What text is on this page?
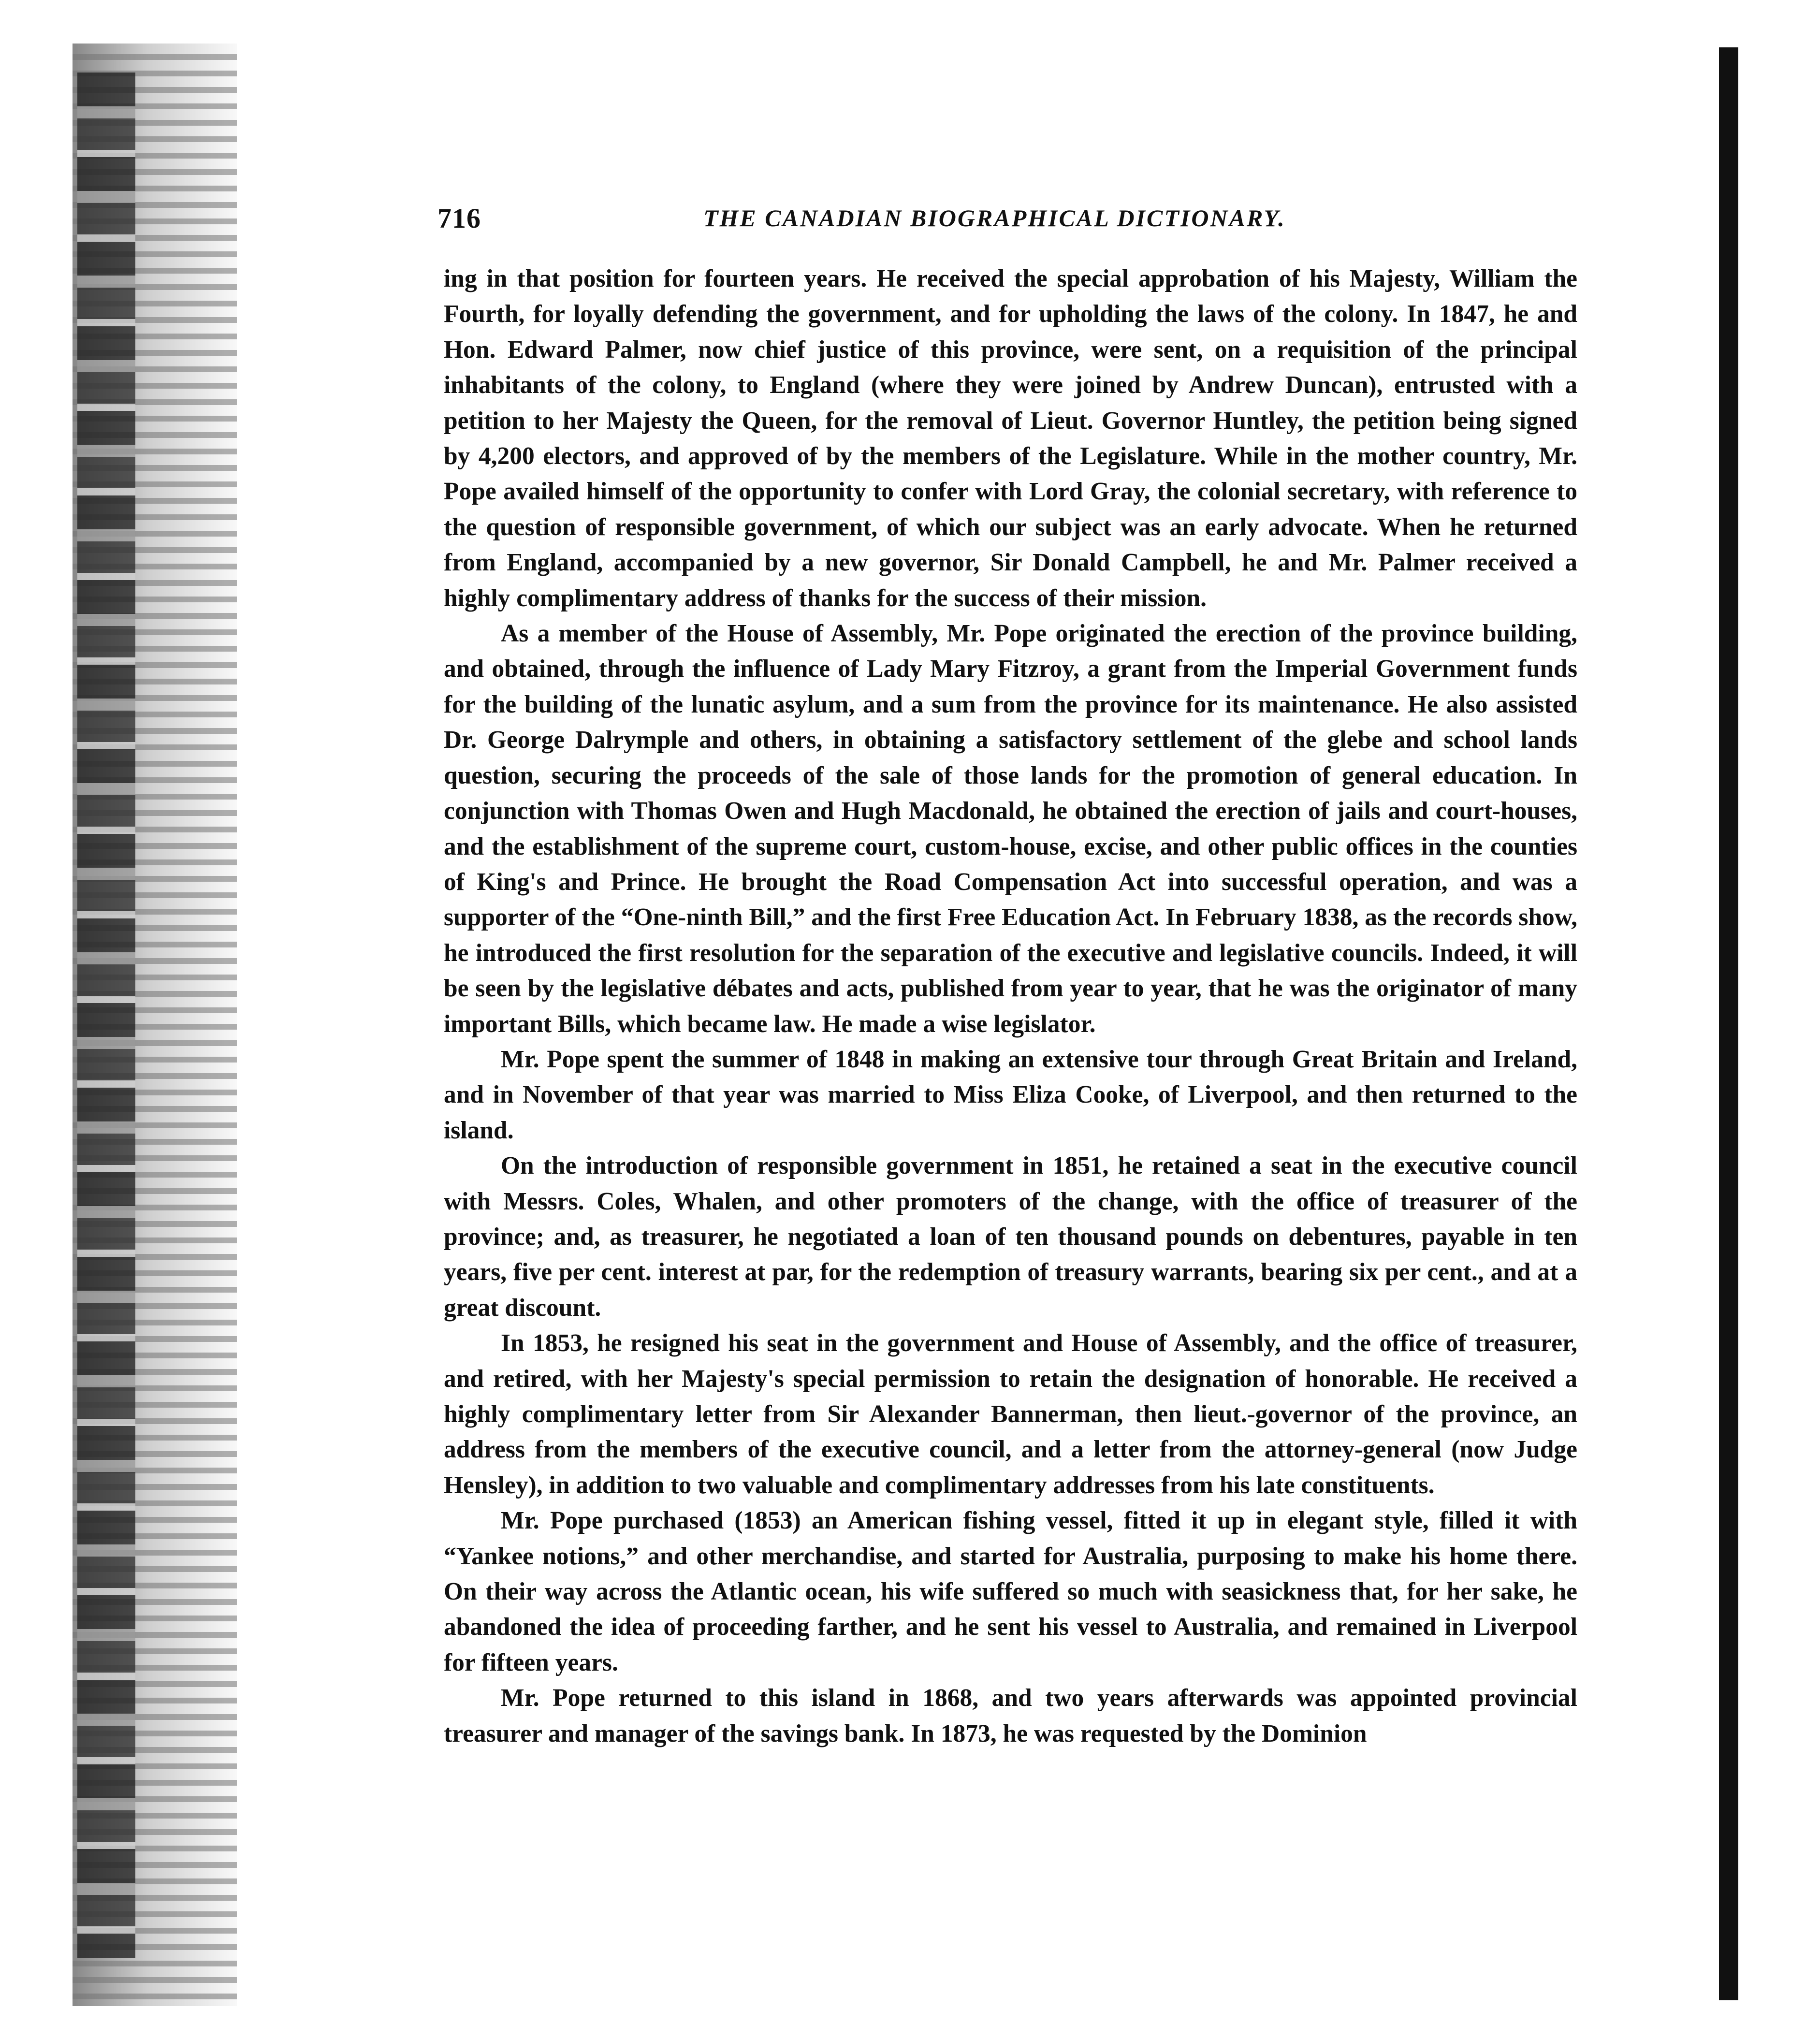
716	THE CANADIAN BIOGRAPHICAL DICTIONARY.

ing in that position for fourteen years. He received the special approbation of his Majesty, William the Fourth, for loyally defending the government, and for upholding the laws of the colony. In 1847, he and Hon. Edward Palmer, now chief justice of this province, were sent, on a requisition of the principal inhabitants of the colony, to England (where they were joined by Andrew Duncan), entrusted with a petition to her Majesty the Queen, for the removal of Lieut. Governor Huntley, the petition being signed by 4,200 electors, and approved of by the members of the Legislature. While in the mother country, Mr. Pope availed himself of the opportunity to confer with Lord Gray, the colonial secretary, with reference to the question of responsible government, of which our subject was an early advocate. When he returned from England, accompanied by a new governor, Sir Donald Campbell, he and Mr. Palmer received a highly complimentary address of thanks for the success of their mission.

As a member of the House of Assembly, Mr. Pope originated the erection of the province building, and obtained, through the influence of Lady Mary Fitzroy, a grant from the Imperial Government funds for the building of the lunatic asylum, and a sum from the province for its maintenance. He also assisted Dr. George Dalrymple and others, in obtaining a satisfactory settlement of the glebe and school lands question, securing the proceeds of the sale of those lands for the promotion of general education. In conjunction with Thomas Owen and Hugh Macdonald, he obtained the erection of jails and court-houses, and the establishment of the supreme court, custom-house, excise, and other public offices in the counties of King's and Prince. He brought the Road Compensation Act into successful operation, and was a supporter of the “One-ninth Bill,” and the first Free Education Act. In February 1838, as the records show, he introduced the first resolution for the separation of the executive and legislative councils. Indeed, it will be seen by the legislative débates and acts, published from year to year, that he was the originator of many important Bills, which became law. He made a wise legislator.

Mr. Pope spent the summer of 1848 in making an extensive tour through Great Britain and Ireland, and in November of that year was married to Miss Eliza Cooke, of Liverpool, and then returned to the island.

On the introduction of responsible government in 1851, he retained a seat in the executive council with Messrs. Coles, Whalen, and other promoters of the change, with the office of treasurer of the province; and, as treasurer, he negotiated a loan of ten thousand pounds on debentures, payable in ten years, five per cent. interest at par, for the redemption of treasury warrants, bearing six per cent., and at a great discount.

In 1853, he resigned his seat in the government and House of Assembly, and the office of treasurer, and retired, with her Majesty's special permission to retain the designation of honorable. He received a highly complimentary letter from Sir Alexander Bannerman, then lieut.-governor of the province, an address from the members of the executive council, and a letter from the attorney-general (now Judge Hensley), in addition to two valuable and complimentary addresses from his late constituents.

Mr. Pope purchased (1853) an American fishing vessel, fitted it up in elegant style, filled it with “Yankee notions,” and other merchandise, and started for Australia, purposing to make his home there. On their way across the Atlantic ocean, his wife suffered so much with seasickness that, for her sake, he abandoned the idea of proceeding farther, and he sent his vessel to Australia, and remained in Liverpool for fifteen years.

Mr. Pope returned to this island in 1868, and two years afterwards was appointed provincial treasurer and manager of the savings bank. In 1873, he was requested by the Dominion
